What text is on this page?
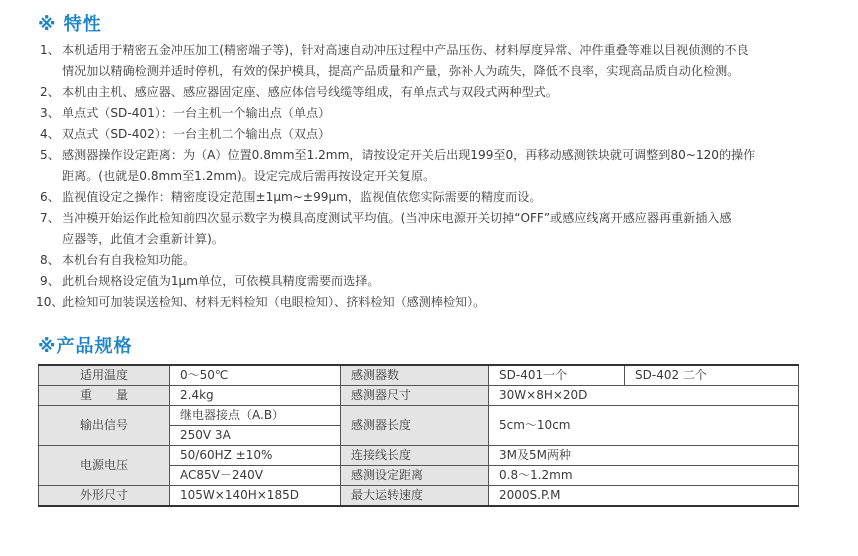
※ 特性
1、 本机适用于精密五金冲压加工(精密端子等)，针对高速自动冲压过程中产品压伤、材料厚度异常、冲件重叠等难以目视侦测的不良
情况加以精确检测并适时停机，有效的保护模具，提高产品质量和产量，弥补人为疏失，降低不良率，实现高品质自动化检测。
2、 本机由主机、感应器、感应器固定座、感应体信号线缆等组成，有单点式与双段式两种型式。
3、 单点式（SD-401）：一台主机一个输出点（单点）
4、 双点式（SD-402）：一台主机二个输出点（双点）
5、 感测器操作设定距离：为（A）位置0.8mm至1.2mm，请按设定开关后出现199至0，再移动感测铁块就可调整到80~120的操作
距离。(也就是0.8mm至1.2mm)。设定完成后需再按设定开关复原。
6、 监视值设定之操作：精密度设定范围±1μm~±99μm，监视值依您实际需要的精度而设。
7、 当冲模开始运作此检知前四次显示数字为模具高度测试平均值。(当冲床电源开关切掉“OFF”或感应线离开感应器再重新插入感
应器等，此值才会重新计算)。
8、 本机台有自我检知功能。
9、 此机台规格设定值为1μm单位，可依模具精度需要而选择。
10、
此检知可加装误送检知、材料无料检知（电眼检知）、挤料检知（感测棒检知）。
※产品规格
适用温度	0～50℃	感测器数	SD-401一个	SD-402 二个
重　　量	2.4kg	感测器尺寸	30W×8H×20D	
输出信号	继电器接点（A.B）	感测器长度	5cm～10cm	
	250V 3A			
电源电压	50/60HZ ±10%	连接线长度	3M及5M两种	
	AC85V－240V	感测设定距离	0.8～1.2mm	
外形尺寸	105W×140H×185D	最大运转速度	2000S.P.M	
